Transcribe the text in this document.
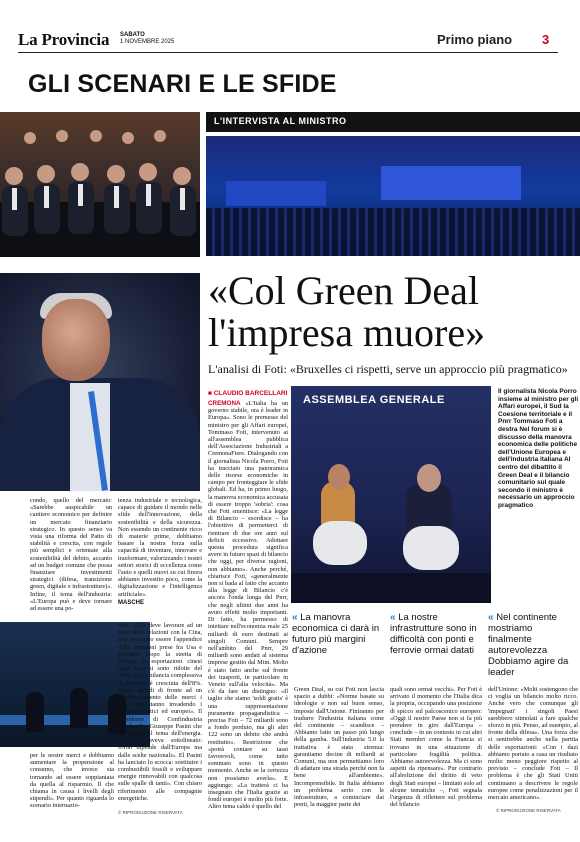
La Provincia SABATO
1 NOVEMBRE 2025	Primo piano 3
GLI SCENARI E LE SFIDE
L'INTERVISTA AL MINISTRO
«Col Green Deal l'impresa muore»
L'analisi di Foti: «Bruxelles ci rispetti, serve un approccio più pragmatico»
■ CLAUDIO BARCELLARI
ASSEMBLEA GENERALE
Il giornalista Nicola Porro insieme al ministro per gli Affari europei, il Sud la Coesione territoriale e il Pnrr Tommaso Foti a destra Nel forum si è discusso della manovra economica delle politiche dell'Unione Europea e dell'industria italiana Al centro del dibattito il Green Deal e il bilancio comunitario sul quale secondo il ministro è necessario un approccio pragmatico
condo, quello del mercato: «Sarebbe auspicabile un cantiere economico per definire un mercato finanziario strategico. In questo senso va vista una riforma del Patto di stabilità e crescita, con regole più semplici e orientate alla sostenibilità del debito, accanto ad un budget comune che possa finanziare investimenti strategici (difesa, transizione green, digitale e infrastrutture)». Infine, il tema dell'industria: «L'Europa può e deve tornare ad essere una po-
tenza industriale e tecnologica, capace di guidare il mondo nelle sfide dell'innovazione, della sostenibilità e della sicurezza. Non essendo un continente ricco di materie prime, dobbiamo basare la nostra forza sulla capacità di inventare, innovare e trasformare, valorizzando i nostri settori storici di eccellenza come l'auto e quelli nuovi su cui finora abbiamo investito poco, come la digitalizzazione e l'intelligenza artificiale».
MASCHE
CREMONA «L'Italia ha un governo stabile, ora è leader in Europa». Sono le premesse del ministro per gli Affari europei, Tommaso Foti, intervenuto ai all'assemblea pubblica dell'Associazione Industriali a CremonaFiere. Dialogando con il giornalista Nicola Porro, Foti ha tracciato una panoramica delle risorse economiche in campo per fronteggiare le sfide globali. Ed ha, in primo luogo, la manovra economica accusata di essere troppo 'sobria': cosa che Foti smentisce: «La legge di Bilancio – esordisce – ha l'obiettivo di permetterci di rientrare di due ore anni sul deficit eccessivo. Adottare questa procedura significa avere in futuro spazi di bilancio che oggi, per diverse ragioni, non abbiamo». Anche perché, chiarisce Foti, «generalmente non si bada al fatto che accanto alla legge di Bilancio c'è ancora l'onda lunga del Pnrr, che negli ultimi due anni ha avuto effetti molto importanti. Di fatto, ha permesso di iniettare nell'economia reale 25 miliardi di euro destinati ai singoli Comuni. Sempre nell'ambito del Pnrr, 29 miliardi sono andati al sistema imprese gestito dal Mim. Molto è stato fatto anche sul fronte dei trasporti, in particolare in Veneto sull'alta velocità». Ma c'è da fare un distinguo: «Il taglio che siamo 'soldi gratis' è una rappresentazione puramente propagandistica – precisa Foti – 72 miliardi sono a fondo perduto, ma gli altri 122 sono un debito che andrà restituito». Restrizione che «potrà contare su tassi favorevoli, come tutto sommato sono in questo momento. Anche se la certezza non possiamo averla». E aggiunge: «La tratterà ci ha insegnato che l'Italia grazie ai fondi europei è molto più forte. Altro tema caldo è quello del
« La manovra economica ci darà in futuro più margini d'azione
« La nostre infrastrutture sono in difficoltà con ponti e ferrovie ormai datati
« Nel continente mostriamo finalmente autorevolezza Dobbiamo agire da leader
Green Deal, su cui Foti non lascia spazio a dubbi: «Norme basate su ideologie e non sul buon senso, imposte dall'Unione. Finiranno per tradurre l'industria italiana come del continente – scandisce – Abbiamo fatto un passo più lungo della gamba. Sull'industria 5.0 la trattativa è stata strenua: garantiamo decine di miliardi ai Comuni, ma non permettiamo loro di adattare una strada perché non fa bene all'ambiente». Incomprensibile. In Italia abbiamo un problema serio con le infrastrutture, a cominciare dai ponti, la maggior parte dei
quali sono ormai vecchi». Per Foti è arrivato il momento che l'Italia dica la propria, occupando una posizione di spicco sul palcoscenico europeo: «Oggi il nostro Paese non si fa più prendere in giro dall'Europa – conclude – in un contesto in cui altri Stati membri come la Francia si trovano in una situazione di particolare fragilità politica. Abbiamo autorevolezza. Ma ci sono aspetti da ripensare». Pur contrario all'abolizione del diritto di veto degli Stati europei – limitato solo ad alcune tematiche –, Foti segnala l'urgenza di riflettere sul problema del bilancio
dell'Unione: «Molti sostengono che ci voglia un bilancio molto ricco. Anche vero che comunque gli 'impegnati' i singoli Paesi sarebbero stimolati a fare qualche sforzo in più. Penso, ad esempio, al fronte della difesa». Una forza che si sentirebbe anche nella partita delle esportazioni: «Con i dazi abbiamo portato a casa un risultato molto meno peggiore rispetto al previsto – conclude Foti – Il problema è che gli Stati Uniti continuano a descrivere le regole europee come penalizzazioni per il mercato americano».
© RIPRODUZIONE RISERVATA
nale, «l'Ue deve lavorare ad un reset delle relazioni con la Cina, non possiamo essere l'appendice delle decisioni prese fra Usa e Pechino. Dopo la stretta di Trump, le esportazioni cinesi negli Usa si sono ridotte del 26%. Ma la bilancia complessiva di Pechino è cresciuta dell'8%. Siamo quindi di fronte ad un reindirizzamento delle merci i mesi che stanno invadendo i mercati asiatici ed europei». Il presidente di Confindustria Lombardia, Giuseppe Pasini che ha toccato il tema dell'energia. Gentiloni aveva sottolineato: «Non dipende dall'Europa ma dalle scelte nazionali». El Pasini ha lanciato lo scocca: sostituire i combustibili fossili e sviluppare energie rinnovabili con qualcosa sulle spalle di tanti». Con chiaro riferimento alle compagnie energetiche.
per le nostre merci e dobbiamo aumentare la propensione al consumo, che invece sta tornando ad essere soppiantata da quella al risparmio. Il che chiama in causa i livelli degli stipendi». Per quanto riguarda lo scenario internazio-
© RIPRODUZIONE RISERVATA
